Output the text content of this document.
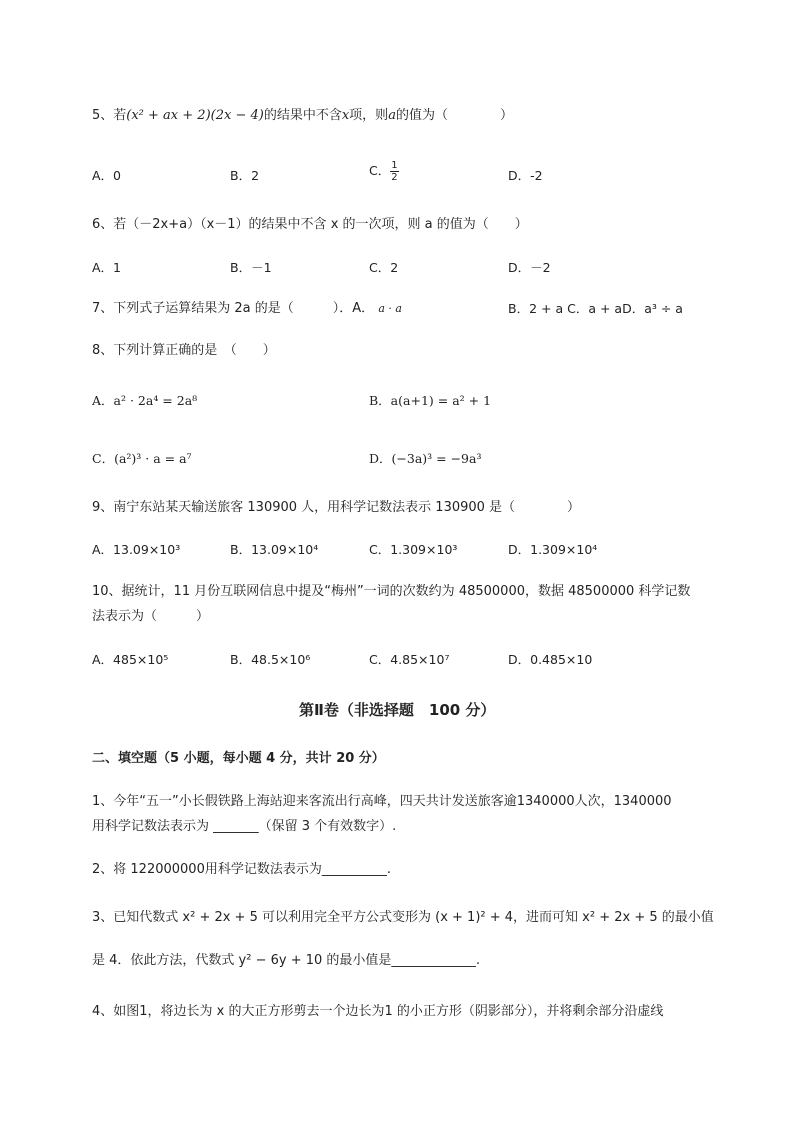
5、若(x² + ax + 2)(2x − 4)的结果中不含x项，则a的值为（　　　　）
A．0	B．2	C． $\frac{1}{2}$	D．-2
6、若（－2x+a）（x－1）的结果中不含 x 的一次项，则 a 的值为（　　）
A．1	B．－1	C．2	D．－2
7、下列式子运算结果为 2a 的是（　　　）．A． a · a	B．2 + a C．a + aD．a³ ÷ a
8、下列计算正确的是　（　　）
A．a² · 2a⁴ = 2a⁸	B．a(a+1) = a² + 1
C．(a²)³ · a = a⁷	D．(−3a)³ = −9a³
9、南宁东站某天输送旅客 130900 人，用科学记数法表示 130900 是（　　　　）
A．13.09×10³	B．13.09×10⁴	C．1.309×10³	D．1.309×10⁴
10、据统计，11 月份互联网信息中提及“梅州”一词的次数约为 48500000，数据 48500000 科学记数
法表示为（　　　）
A．485×10⁵	B．48.5×10⁶	C．4.85×10⁷	D．0.485×10
第Ⅱ卷（非选择题　100 分）
二、填空题（5 小题，每小题 4 分，共计 20 分）
1、今年“五一”小长假铁路上海站迎来客流出行高峰，四天共计发送旅客逾1340000人次，1340000
用科学记数法表示为 _______（保留 3 个有效数字）.
2、将 122000000用科学记数法表示为__________.
3、已知代数式 x² + 2x + 5 可以利用完全平方公式变形为 (x + 1)² + 4，进而可知 x² + 2x + 5 的最小值
是 4．依此方法，代数式 y² − 6y + 10 的最小值是_____________.
4、如图1，将边长为 x 的大正方形剪去一个边长为1 的小正方形（阴影部分），并将剩余部分沿虚线
